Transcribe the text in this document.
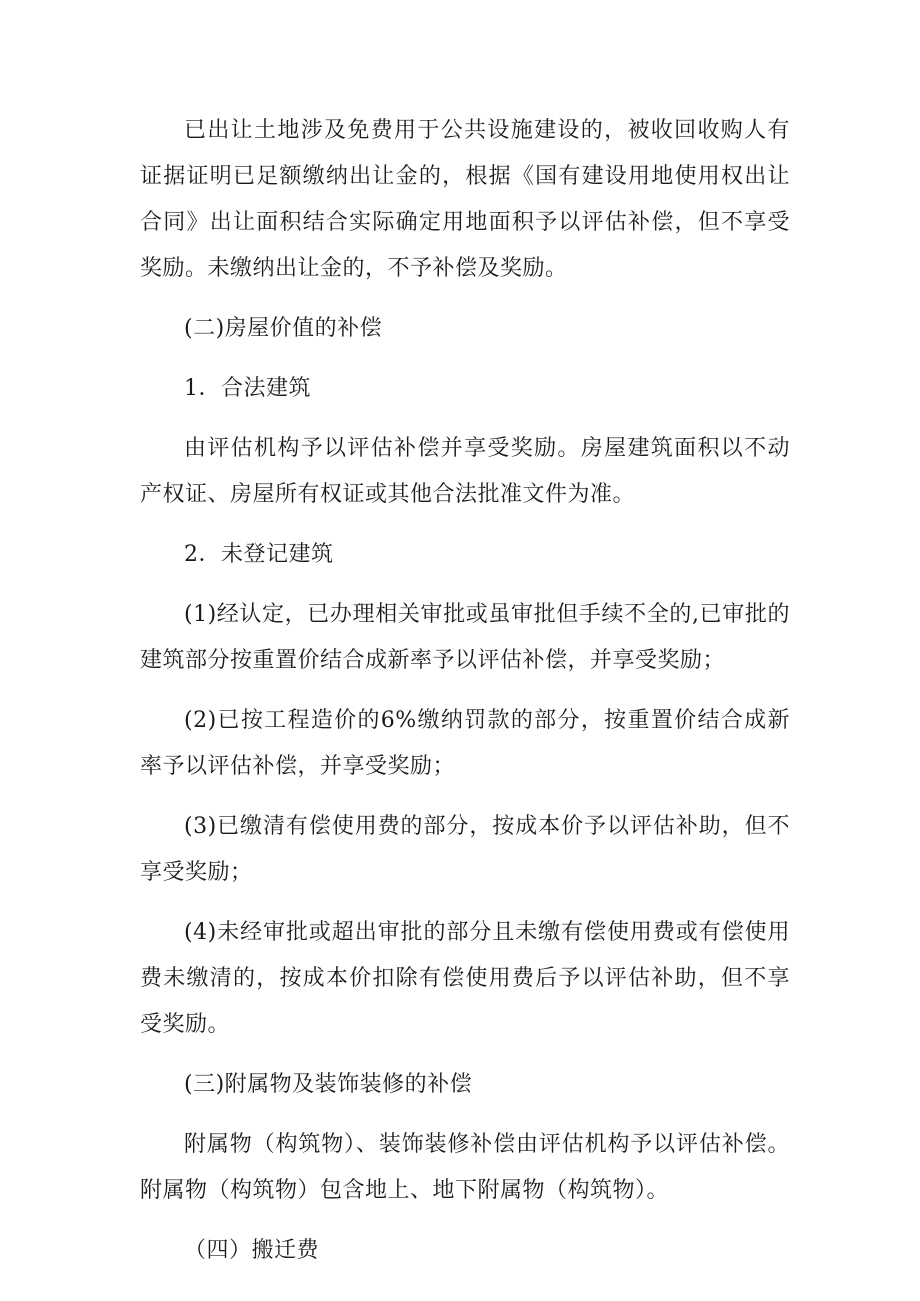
已出让土地涉及免费用于公共设施建设的，被收回收购人有证据证明已足额缴纳出让金的，根据《国有建设用地使用权出让合同》出让面积结合实际确定用地面积予以评估补偿，但不享受奖励。未缴纳出让金的，不予补偿及奖励。

(二)房屋价值的补偿

1．合法建筑

由评估机构予以评估补偿并享受奖励。房屋建筑面积以不动产权证、房屋所有权证或其他合法批准文件为准。

2．未登记建筑

(1)经认定，已办理相关审批或虽审批但手续不全的,已审批的建筑部分按重置价结合成新率予以评估补偿，并享受奖励；

(2)已按工程造价的6%缴纳罚款的部分，按重置价结合成新率予以评估补偿，并享受奖励；

(3)已缴清有偿使用费的部分，按成本价予以评估补助，但不享受奖励；

(4)未经审批或超出审批的部分且未缴有偿使用费或有偿使用费未缴清的，按成本价扣除有偿使用费后予以评估补助，但不享受奖励。

(三)附属物及装饰装修的补偿

附属物（构筑物）、装饰装修补偿由评估机构予以评估补偿。附属物（构筑物）包含地上、地下附属物（构筑物）。

（四）搬迁费
